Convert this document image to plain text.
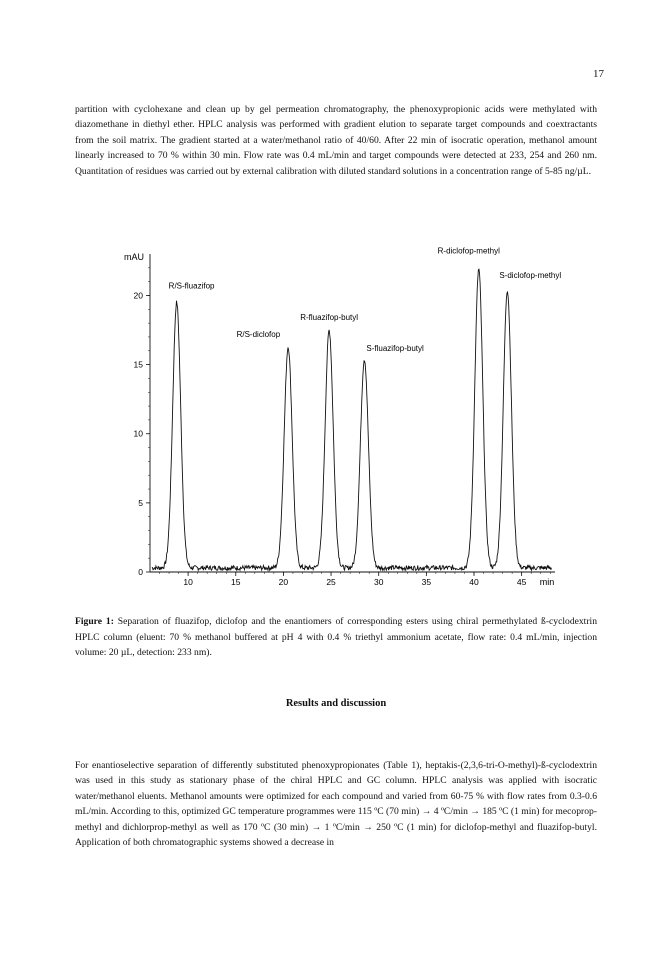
17

partition with cyclohexane and clean up by gel permeation chromatography, the phenoxypropionic acids were methylated with diazomethane in diethyl ether. HPLC analysis was performed with gradient elution to separate target compounds and coextractants from the soil matrix. The gradient started at a water/methanol ratio of 40/60. After 22 min of isocratic operation, methanol amount linearly increased to 70 % within 30 min. Flow rate was 0.4 mL/min and target compounds were detected at 233, 254 and 260 nm. Quantitation of residues was carried out by external calibration with diluted standard solutions in a concentration range of 5-85 ng/µL.

10	15	20	25	30	35	40	45
0
5
10
15
20
R/S-fluazifop
R/S-diclofop
R-fluazifop-butyl
S-fluazifop-butyl
R-diclofop-methyl
S-diclofop-methyl
mAU
min
Figure 1: Separation of fluazifop, diclofop and the enantiomers of corresponding esters using chiral permethylated ß-cyclodextrin HPLC column (eluent: 70 % methanol buffered at pH 4 with 0.4 % triethyl ammonium acetate, flow rate: 0.4 mL/min, injection volume: 20 µL, detection: 233 nm).
Results and discussion

For enantioselective separation of differently substituted phenoxypropionates (Table 1), heptakis-(2,3,6-tri-O-methyl)-ß-cyclodextrin was used in this study as stationary phase of the chiral HPLC and GC column. HPLC analysis was applied with isocratic water/methanol eluents. Methanol amounts were optimized for each compound and varied from 60-75 % with flow rates from 0.3-0.6 mL/min. According to this, optimized GC temperature programmes were 115 ºC (70 min) → 4 ºC/min → 185 ºC (1 min) for mecoprop-methyl and dichlorprop-methyl as well as 170 ºC (30 min) → 1 ºC/min → 250 ºC (1 min) for diclofop-methyl and fluazifop-butyl. Application of both chromatographic systems showed a decrease in
